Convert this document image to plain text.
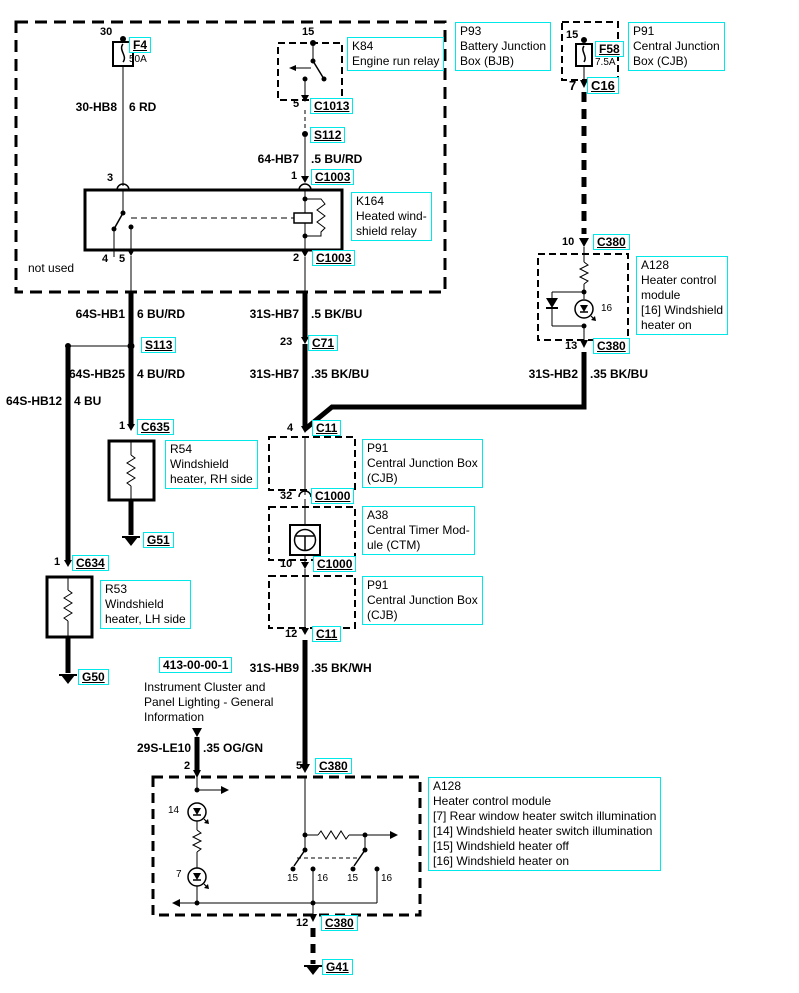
30
F4
50A
30-HB8 6 RD
15
K84
Engine run relay
5	C1013
S112
64-HB7 .5 BU/RD
1	C1003
3
K164
Heated wind-
shield relay
4 5	2	C1003
not used
P93
Battery Junction
Box (BJB)
15
F58
7.5A
7	C16
P91
Central Junction
Box (CJB)
64S-HB1 6 BU/RD	31S-HB7 .5 BK/BU
S113	23	C71
64S-HB25 4 BU/RD	31S-HB7 .35 BK/BU	31S-HB2 .35 BK/BU
64S-HB12 4 BU
10	C380
16
13	C380
A128
Heater control
module
[16] Windshield
heater on
1	C635
R54
Windshield
heater, RH side
G51
1	C634
R53
Windshield
heater, LH side
G50
4	C11
P91
Central Junction Box
(CJB)
32	C1000
A38
Central Timer Mod-
ule (CTM)
10	C1000
P91
Central Junction Box
(CJB)
12	C11
413-00-00-1
Instrument Cluster and
Panel Lighting - General
Information
31S-HB9 .35 BK/WH
29S-LE10 .35 OG/GN
2	5	C380
A128
Heater control module
[7] Rear window heater switch illumination
[14] Windshield heater switch illumination
[15] Windshield heater off
[16] Windshield heater on
14
7	15 16 15 16
12	C380
G41
